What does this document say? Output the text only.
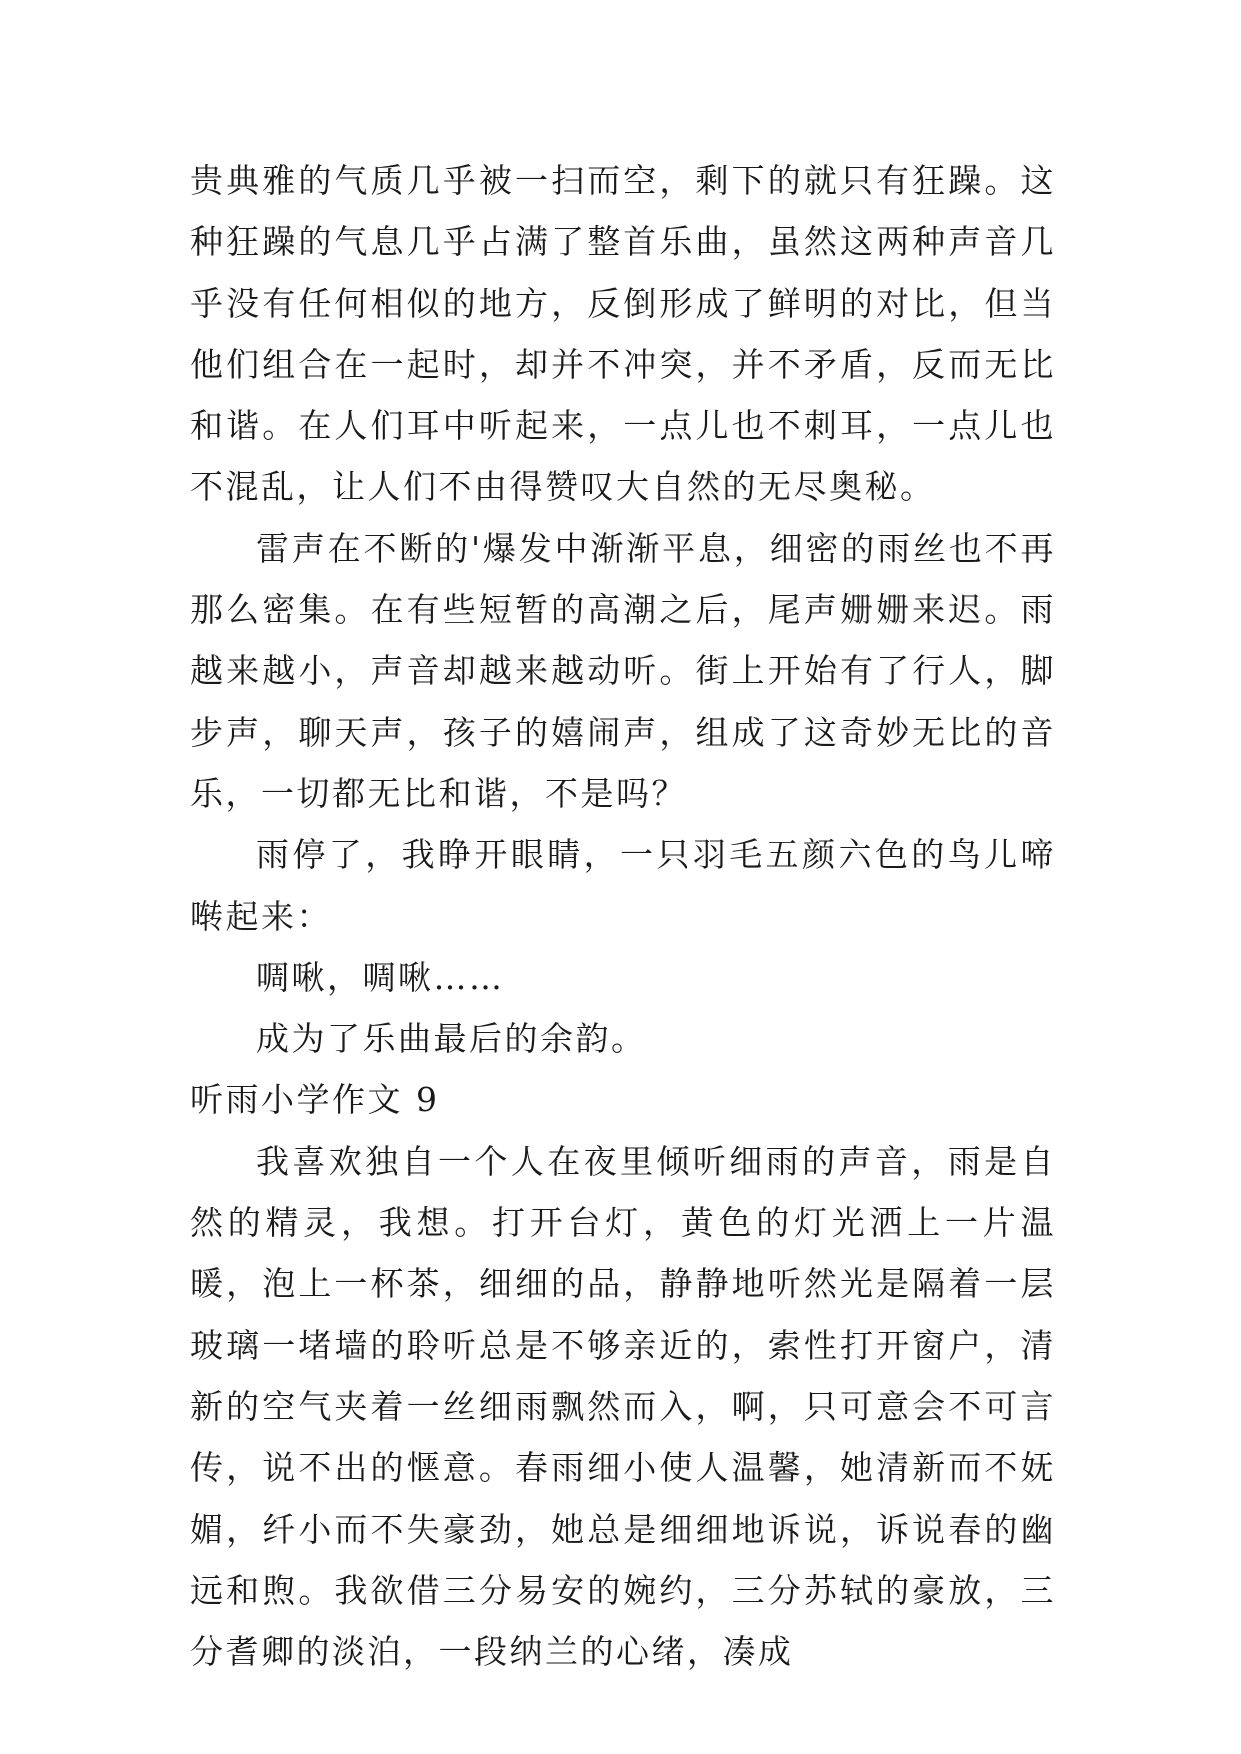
贵典雅的气质几乎被一扫而空，剩下的就只有狂躁。这种狂躁的气息几乎占满了整首乐曲，虽然这两种声音几乎没有任何相似的地方，反倒形成了鲜明的对比，但当他们组合在一起时，却并不冲突，并不矛盾，反而无比和谐。在人们耳中听起来，一点儿也不刺耳，一点儿也不混乱，让人们不由得赞叹大自然的无尽奥秘。

雷声在不断的'爆发中渐渐平息，细密的雨丝也不再那么密集。在有些短暂的高潮之后，尾声姗姗来迟。雨越来越小，声音却越来越动听。街上开始有了行人，脚步声，聊天声，孩子的嬉闹声，组成了这奇妙无比的音乐，一切都无比和谐，不是吗？

雨停了，我睁开眼睛，一只羽毛五颜六色的鸟儿啼啭起来：

啁啾，啁啾……

成为了乐曲最后的余韵。

听雨小学作文 9

我喜欢独自一个人在夜里倾听细雨的声音，雨是自然的精灵，我想。打开台灯，黄色的灯光洒上一片温暖，泡上一杯茶，细细的品，静静地听然光是隔着一层玻璃一堵墙的聆听总是不够亲近的，索性打开窗户，清新的空气夹着一丝细雨飘然而入，啊，只可意会不可言传，说不出的惬意。春雨细小使人温馨，她清新而不妩媚，纤小而不失豪劲，她总是细细地诉说，诉说春的幽远和煦。我欲借三分易安的婉约，三分苏轼的豪放，三分耆卿的淡泊，一段纳兰的心绪，凑成
